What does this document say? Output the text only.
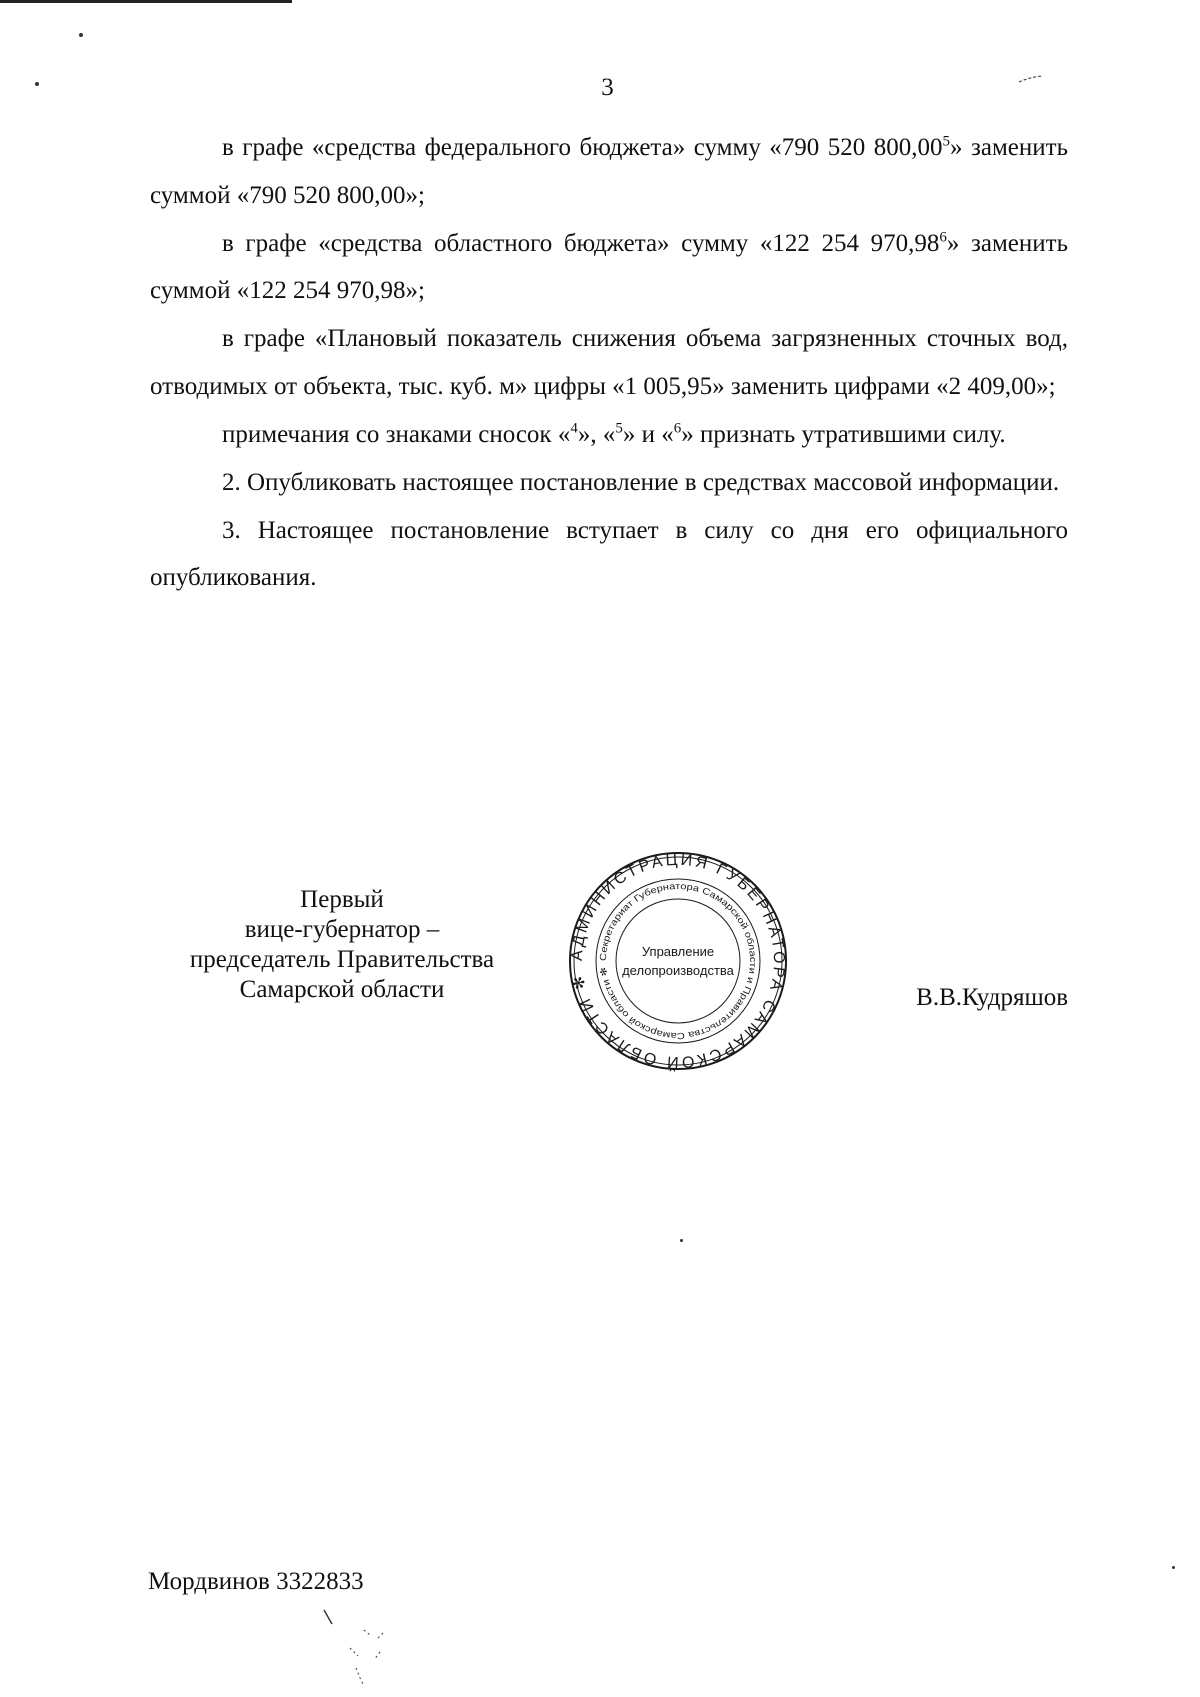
3

в графе «средства федерального бюджета» сумму «790 520 800,00$^5$» заменить суммой «790 520 800,00»;

в графе «средства областного бюджета» сумму «122 254 970,98$^6$» заменить суммой «122 254 970,98»;

в графе «Плановый показатель снижения объема загрязненных сточных вод, отводимых от объекта, тыс. куб. м» цифры «1 005,95» заменить цифрами «2 409,00»;

примечания со знаками сносок «$^4$», «$^5$» и «$^6$» признать утратившими силу.

2. Опубликовать настоящее постановление в средствах массовой информации.

3. Настоящее постановление вступает в силу со дня его официального опубликования.

Первый
вице-губернатор –
председатель Правительства
Самарской области
АДМИНИСТРАЦИЯ ГУБЕРНАТОРА САМАРСКОЙ ОБЛАСТИ ✻
Секретариат Губернатора Самарской области и Правительства Самарской области ✻
Управление
делопроизводства
В.В.Кудряшов
Мордвинов 3322833
